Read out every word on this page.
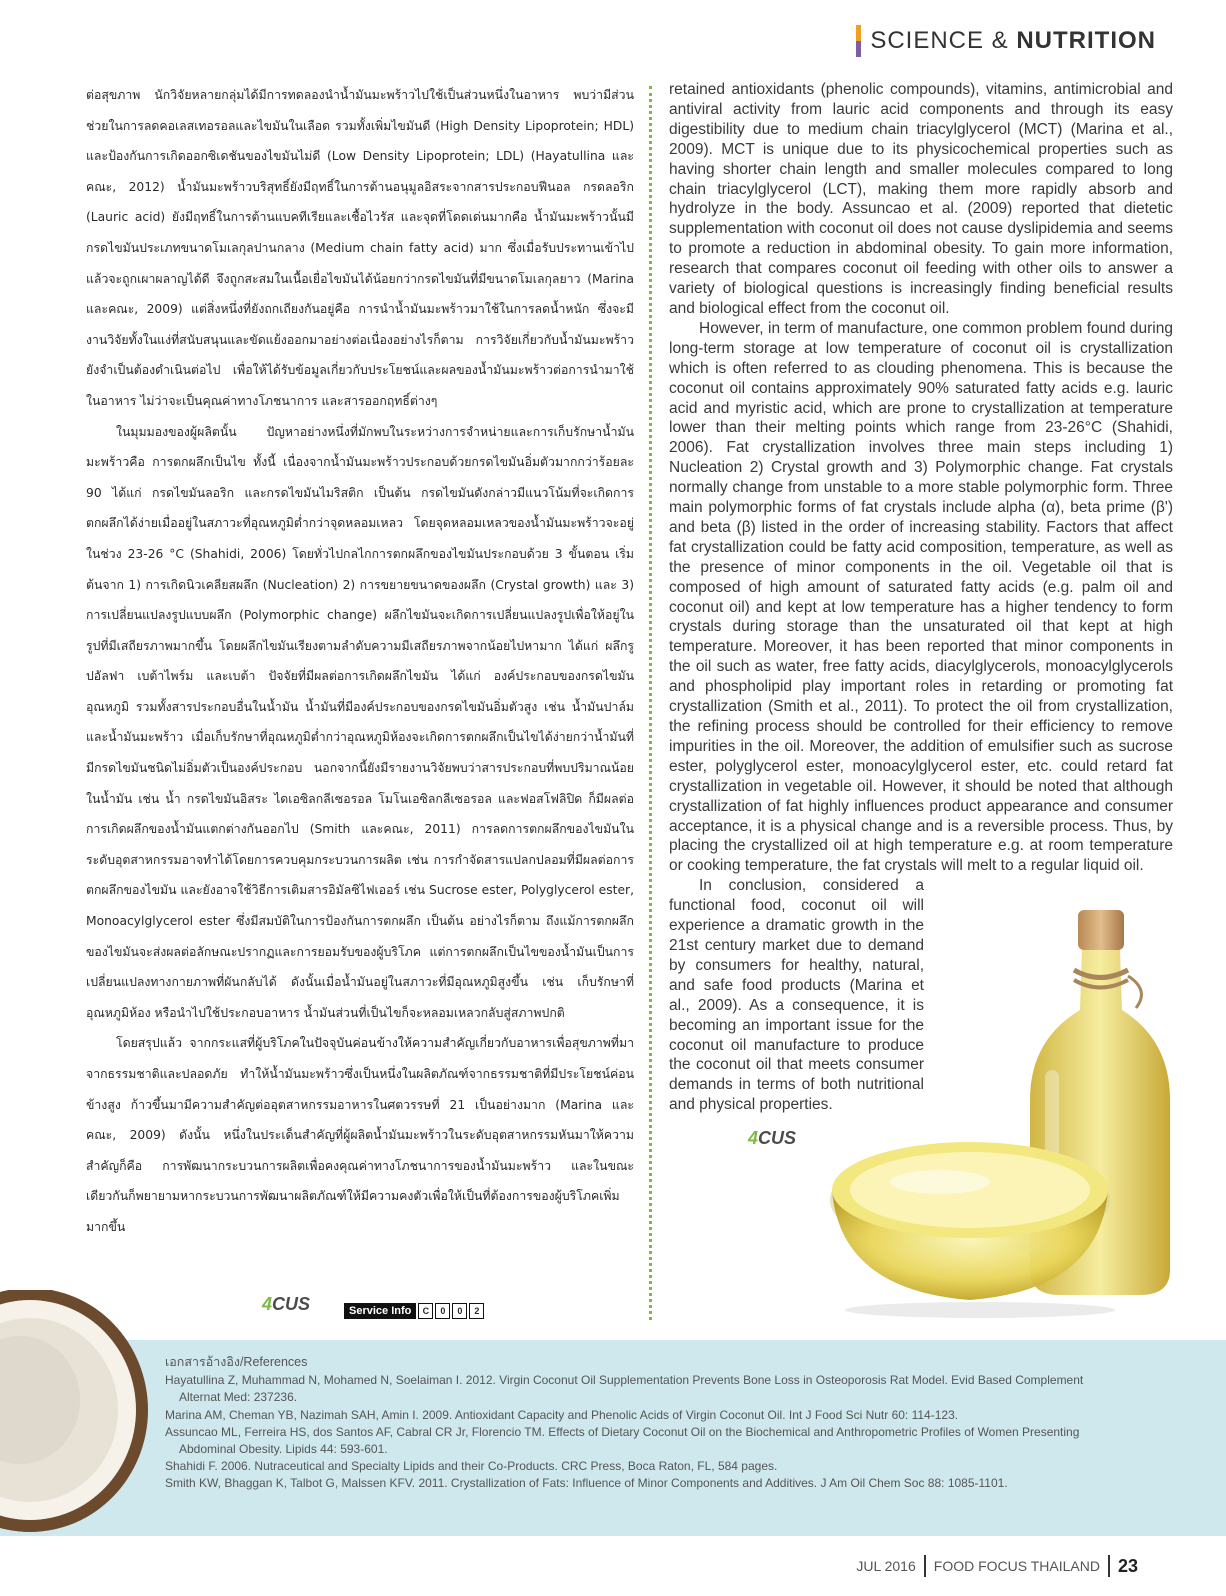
SCIENCE & NUTRITION

ต่อสุขภาพ นักวิจัยหลายกลุ่มได้มีการทดลองนำน้ำมันมะพร้าวไปใช้เป็นส่วนหนึ่งในอาหาร พบว่ามีส่วนช่วยในการลดคอเลสเทอรอลและไขมันในเลือด รวมทั้งเพิ่มไขมันดี (High Density Lipoprotein; HDL) และป้องกันการเกิดออกซิเดชันของไขมันไม่ดี (Low Density Lipoprotein; LDL) (Hayatullina และคณะ, 2012) น้ำมันมะพร้าวบริสุทธิ์ยังมีฤทธิ์ในการต้านอนุมูลอิสระจากสารประกอบฟีนอล กรดลอริก (Lauric acid) ยังมีฤทธิ์ในการต้านแบคทีเรียและเชื้อไวรัส และจุดที่โดดเด่นมากคือ น้ำมันมะพร้าวนั้นมีกรดไขมันประเภทขนาดโมเลกุลปานกลาง (Medium chain fatty acid) มาก ซึ่งเมื่อรับประทานเข้าไปแล้วจะถูกเผาผลาญได้ดี จึงถูกสะสมในเนื้อเยื่อไขมันได้น้อยกว่ากรดไขมันที่มีขนาดโมเลกุลยาว (Marina และคณะ, 2009) แต่สิ่งหนึ่งที่ยังถกเถียงกันอยู่คือ การนำน้ำมันมะพร้าวมาใช้ในการลดน้ำหนัก ซึ่งจะมีงานวิจัยทั้งในแง่ที่สนับสนุนและขัดแย้งออกมาอย่างต่อเนื่องอย่างไรก็ตาม การวิจัยเกี่ยวกับน้ำมันมะพร้าวยังจำเป็นต้องดำเนินต่อไป เพื่อให้ได้รับข้อมูลเกี่ยวกับประโยชน์และผลของน้ำมันมะพร้าวต่อการนำมาใช้ในอาหาร ไม่ว่าจะเป็นคุณค่าทางโภชนาการ และสารออกฤทธิ์ต่างๆ

ในมุมมองของผู้ผลิตนั้น ปัญหาอย่างหนึ่งที่มักพบในระหว่างการจำหน่ายและการเก็บรักษาน้ำมันมะพร้าวคือ การตกผลึกเป็นไข ทั้งนี้ เนื่องจากน้ำมันมะพร้าวประกอบด้วยกรดไขมันอิ่มตัวมากกว่าร้อยละ 90 ได้แก่ กรดไขมันลอริก และกรดไขมันไมริสติก เป็นต้น กรดไขมันดังกล่าวมีแนวโน้มที่จะเกิดการตกผลึกได้ง่ายเมื่ออยู่ในสภาวะที่อุณหภูมิต่ำกว่าจุดหลอมเหลว โดยจุดหลอมเหลวของน้ำมันมะพร้าวจะอยู่ในช่วง 23-26 °C (Shahidi, 2006) โดยทั่วไปกลไกการตกผลึกของไขมันประกอบด้วย 3 ขั้นตอน เริ่มต้นจาก 1) การเกิดนิวเคลียสผลึก (Nucleation) 2) การขยายขนาดของผลึก (Crystal growth) และ 3) การเปลี่ยนแปลงรูปแบบผลึก (Polymorphic change) ผลึกไขมันจะเกิดการเปลี่ยนแปลงรูปเพื่อให้อยู่ในรูปที่มีเสถียรภาพมากขึ้น โดยผลึกไขมันเรียงตามลำดับความมีเสถียรภาพจากน้อยไปหามาก ได้แก่ ผลึกรูปอัลฟา เบต้าไพร์ม และเบต้า ปัจจัยที่มีผลต่อการเกิดผลึกไขมัน ได้แก่ องค์ประกอบของกรดไขมัน อุณหภูมิ รวมทั้งสารประกอบอื่นในน้ำมัน น้ำมันที่มีองค์ประกอบของกรดไขมันอิ่มตัวสูง เช่น น้ำมันปาล์ม และน้ำมันมะพร้าว เมื่อเก็บรักษาที่อุณหภูมิต่ำกว่าอุณหภูมิห้องจะเกิดการตกผลึกเป็นไขได้ง่ายกว่าน้ำมันที่มีกรดไขมันชนิดไม่อิ่มตัวเป็นองค์ประกอบ นอกจากนี้ยังมีรายงานวิจัยพบว่าสารประกอบที่พบปริมาณน้อยในน้ำมัน เช่น น้ำ กรดไขมันอิสระ ไดเอซิลกลีเซอรอล โมโนเอซิลกลีเซอรอล และฟอสโฟลิปิด ก็มีผลต่อการเกิดผลึกของน้ำมันแตกต่างกันออกไป (Smith และคณะ, 2011) การลดการตกผลึกของไขมันในระดับอุตสาหกรรมอาจทำได้โดยการควบคุมกระบวนการผลิต เช่น การกำจัดสารแปลกปลอมที่มีผลต่อการตกผลึกของไขมัน และยังอาจใช้วิธีการเติมสารอิมัลซิไฟเออร์ เช่น Sucrose ester, Polyglycerol ester, Monoacylglycerol ester ซึ่งมีสมบัติในการป้องกันการตกผลึก เป็นต้น อย่างไรก็ตาม ถึงแม้การตกผลึกของไขมันจะส่งผลต่อลักษณะปรากฏและการยอมรับของผู้บริโภค แต่การตกผลึกเป็นไขของน้ำมันเป็นการเปลี่ยนแปลงทางกายภาพที่ผันกลับได้ ดังนั้นเมื่อน้ำมันอยู่ในสภาวะที่มีอุณหภูมิสูงขึ้น เช่น เก็บรักษาที่อุณหภูมิห้อง หรือนำไปใช้ประกอบอาหาร น้ำมันส่วนที่เป็นไขก็จะหลอมเหลวกลับสู่สภาพปกติ

โดยสรุปแล้ว จากกระแสที่ผู้บริโภคในปัจจุบันค่อนข้างให้ความสำคัญเกี่ยวกับอาหารเพื่อสุขภาพที่มาจากธรรมชาติและปลอดภัย ทำให้น้ำมันมะพร้าวซึ่งเป็นหนึ่งในผลิตภัณฑ์จากธรรมชาติที่มีประโยชน์ค่อนข้างสูง ก้าวขึ้นมามีความสำคัญต่ออุตสาหกรรมอาหารในศตวรรษที่ 21 เป็นอย่างมาก (Marina และคณะ, 2009) ดังนั้น หนึ่งในประเด็นสำคัญที่ผู้ผลิตน้ำมันมะพร้าวในระดับอุตสาหกรรมหันมาให้ความสำคัญก็คือ การพัฒนากระบวนการผลิตเพื่อคงคุณค่าทางโภชนาการของน้ำมันมะพร้าว และในขณะเดียวกันก็พยายามหากระบวนการพัฒนาผลิตภัณฑ์ให้มีความคงตัวเพื่อให้เป็นที่ต้องการของผู้บริโภคเพิ่มมากขึ้น

retained antioxidants (phenolic compounds), vitamins, antimicrobial and antiviral activity from lauric acid components and through its easy digestibility due to medium chain triacylglycerol (MCT) (Marina et al., 2009). MCT is unique due to its physicochemical properties such as having shorter chain length and smaller molecules compared to long chain triacylglycerol (LCT), making them more rapidly absorb and hydrolyze in the body. Assuncao et al. (2009) reported that dietetic supplementation with coconut oil does not cause dyslipidemia and seems to promote a reduction in abdominal obesity. To gain more information, research that compares coconut oil feeding with other oils to answer a variety of biological questions is increasingly finding beneficial results and biological effect from the coconut oil.

However, in term of manufacture, one common problem found during long-term storage at low temperature of coconut oil is crystallization which is often referred to as clouding phenomena. This is because the coconut oil contains approximately 90% saturated fatty acids e.g. lauric acid and myristic acid, which are prone to crystallization at temperature lower than their melting points which range from 23-26°C (Shahidi, 2006). Fat crystallization involves three main steps including 1) Nucleation 2) Crystal growth and 3) Polymorphic change. Fat crystals normally change from unstable to a more stable polymorphic form. Three main polymorphic forms of fat crystals include alpha (α), beta prime (β') and beta (β) listed in the order of increasing stability. Factors that affect fat crystallization could be fatty acid composition, temperature, as well as the presence of minor components in the oil. Vegetable oil that is composed of high amount of saturated fatty acids (e.g. palm oil and coconut oil) and kept at low temperature has a higher tendency to form crystals during storage than the unsaturated oil that kept at high temperature. Moreover, it has been reported that minor components in the oil such as water, free fatty acids, diacylglycerols, monoacylglycerols and phospholipid play important roles in retarding or promoting fat crystallization (Smith et al., 2011). To protect the oil from crystallization, the refining process should be controlled for their efficiency to remove impurities in the oil. Moreover, the addition of emulsifier such as sucrose ester, polyglycerol ester, monoacylglycerol ester, etc. could retard fat crystallization in vegetable oil. However, it should be noted that although crystallization of fat highly influences product appearance and consumer acceptance, it is a physical change and is a reversible process. Thus, by placing the crystallized oil at high temperature e.g. at room temperature or cooking temperature, the fat crystals will melt to a regular liquid oil.

In conclusion, considered a functional food, coconut oil will experience a dramatic growth in the 21st century market due to demand by consumers for healthy, natural, and safe food products (Marina et al., 2009). As a consequence, it is becoming an important issue for the coconut oil manufacture to produce the coconut oil that meets consumer demands in terms of both nutritional and physical properties.

4CUS
4CUS	Service Info	C	0	0	2
เอกสารอ้างอิง/References
Hayatullina Z, Muhammad N, Mohamed N, Soelaiman I. 2012. Virgin Coconut Oil Supplementation Prevents Bone Loss in Osteoporosis Rat Model. Evid Based Complement Alternat Med: 237236.
Marina AM, Cheman YB, Nazimah SAH, Amin I. 2009. Antioxidant Capacity and Phenolic Acids of Virgin Coconut Oil. Int J Food Sci Nutr 60: 114-123.
Assuncao ML, Ferreira HS, dos Santos AF, Cabral CR Jr, Florencio TM. Effects of Dietary Coconut Oil on the Biochemical and Anthropometric Profiles of Women Presenting Abdominal Obesity. Lipids 44: 593-601.
Shahidi F. 2006. Nutraceutical and Specialty Lipids and their Co-Products. CRC Press, Boca Raton, FL, 584 pages.
Smith KW, Bhaggan K, Talbot G, Malssen KFV. 2011. Crystallization of Fats: Influence of Minor Components and Additives. J Am Oil Chem Soc 88: 1085-1101.
JUL 2016 FOOD FOCUS THAILAND 23
